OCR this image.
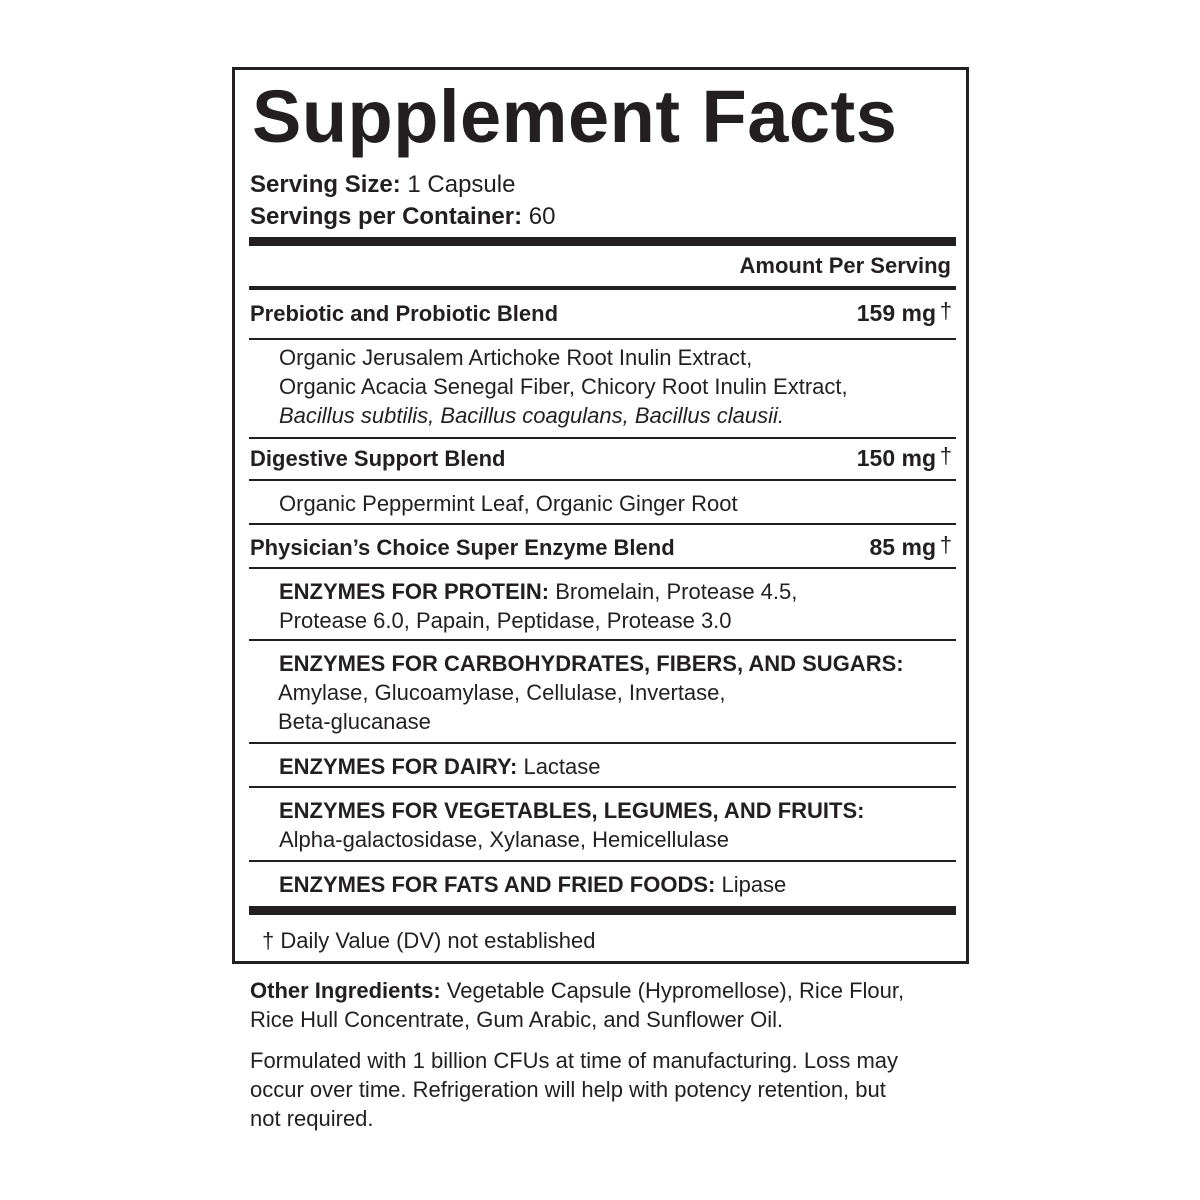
Supplement Facts
Serving Size: 1 Capsule
Servings per Container: 60
Amount Per Serving
Prebiotic and Probiotic Blend	159 mg †
Organic Jerusalem Artichoke Root Inulin Extract,
Organic Acacia Senegal Fiber, Chicory Root Inulin Extract,
Bacillus subtilis, Bacillus coagulans, Bacillus clausii.
Digestive Support Blend	150 mg †
Organic Peppermint Leaf, Organic Ginger Root
Physician’s Choice Super Enzyme Blend	85 mg †
ENZYMES FOR PROTEIN: Bromelain, Protease 4.5,
Protease 6.0, Papain, Peptidase, Protease 3.0
ENZYMES FOR CARBOHYDRATES, FIBERS, AND SUGARS:
Amylase, Glucoamylase, Cellulase, Invertase,
Beta-glucanase
ENZYMES FOR DAIRY: Lactase
ENZYMES FOR VEGETABLES, LEGUMES, AND FRUITS:
Alpha-galactosidase, Xylanase, Hemicellulase
ENZYMES FOR FATS AND FRIED FOODS: Lipase
† Daily Value (DV) not established
Other Ingredients: Vegetable Capsule (Hypromellose), Rice Flour,
Rice Hull Concentrate, Gum Arabic, and Sunflower Oil.
Formulated with 1 billion CFUs at time of manufacturing. Loss may
occur over time. Refrigeration will help with potency retention, but
not required.
